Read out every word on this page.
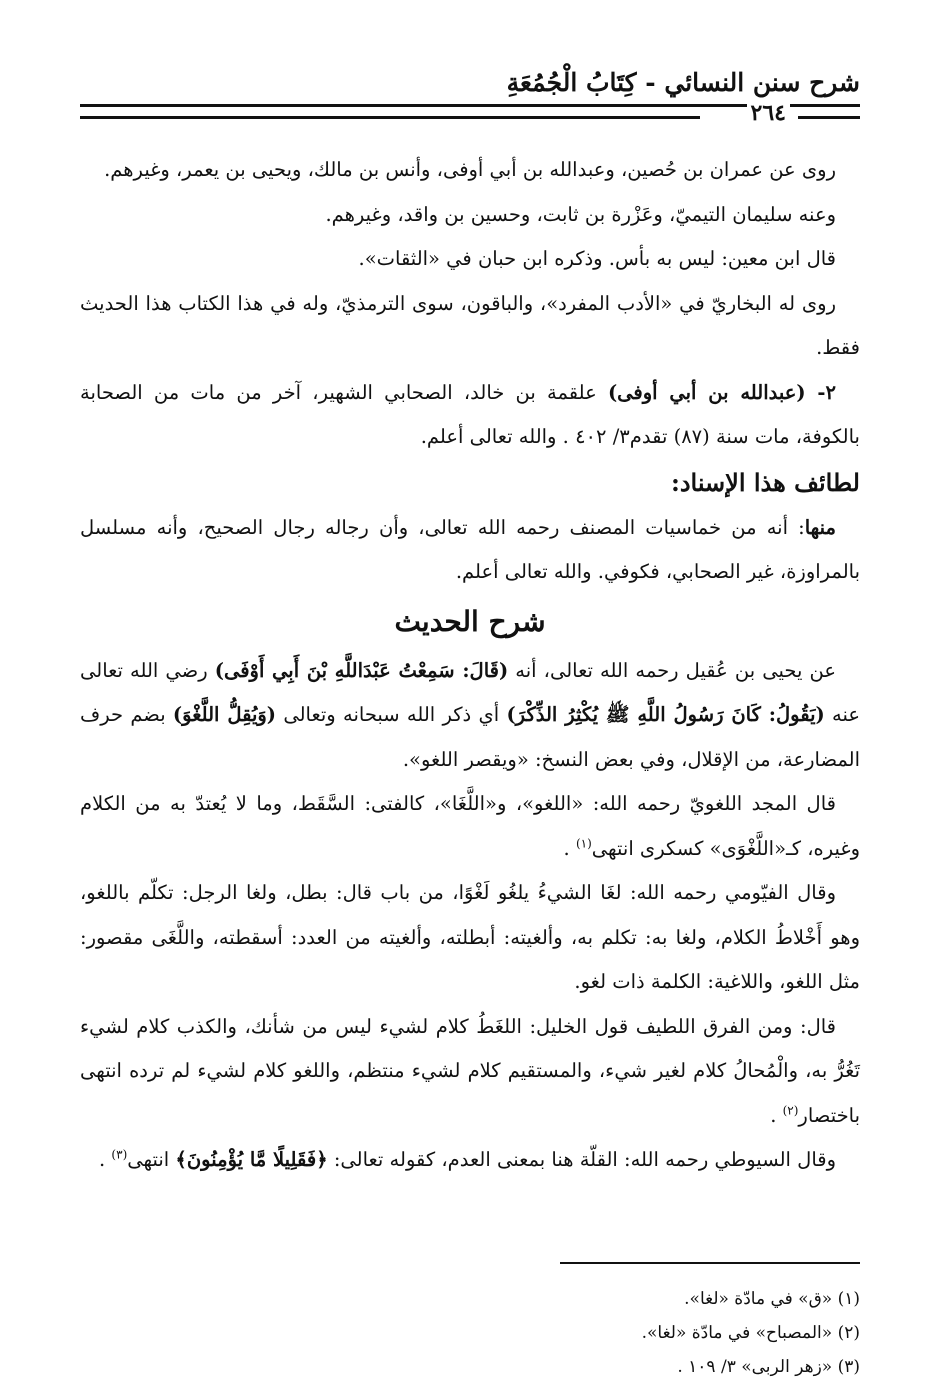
شرح سنن النسائي - كِتَابُ الْجُمُعَةِ
٢٦٤

روى عن عمران بن حُصين، وعبدالله بن أبي أوفى، وأنس بن مالك، ويحيى بن يعمر، وغيرهم.

وعنه سليمان التيميّ، وعَزْرة بن ثابت، وحسين بن واقد، وغيرهم.

قال ابن معين: ليس به بأس. وذكره ابن حبان في «الثقات».

روى له البخاريّ في «الأدب المفرد»، والباقون، سوى الترمذيّ، وله في هذا الكتاب هذا الحديث فقط.

٢- (عبدالله بن أبي أوفى) علقمة بن خالد، الصحابي الشهير، آخر من مات من الصحابة بالكوفة، مات سنة (٨٧) تقدم٣/ ٤٠٢ . والله تعالى أعلم.

لطائف هذا الإسناد:

منها: أنه من خماسيات المصنف رحمه الله تعالى، وأن رجاله رجال الصحيح، وأنه مسلسل بالمراوزة، غير الصحابي، فكوفي. والله تعالى أعلم.

شرح الحديث

عن يحيى بن عُقيل رحمه الله تعالى، أنه (قَالَ: سَمِعْتُ عَبْدَاللَّهِ بْنَ أَبِي أَوْفَى) رضي الله تعالى عنه (يَقُولُ: كَانَ رَسُولُ اللَّهِ ﷺ يُكْثِرُ الذِّكْرَ) أي ذكر الله سبحانه وتعالى (وَيُقِلُّ اللَّغْوَ) بضم حرف المضارعة، من الإقلال، وفي بعض النسخ: «ويقصر اللغو».

قال المجد اللغويّ رحمه الله: «اللغو»، و«اللَّغَا»، كالفتى: السَّقَط، وما لا يُعتدّ به من الكلام وغيره، كـ«اللَّغْوَى» كسكرى انتهى$^{(١)}$ .

وقال الفيّومي رحمه الله: لغَا الشيءُ يلغُو لَغْوًا، من باب قال: بطل، ولغا الرجل: تكلّم باللغو، وهو أَخْلاطُ الكلام، ولغا به: تكلم به، وألغيته: أبطلته، وألغيته من العدد: أسقطته، واللَّغَى مقصور: مثل اللغو، واللاغية: الكلمة ذات لغو.

قال: ومن الفرق اللطيف قول الخليل: اللغَطُ كلام لشيء ليس من شأنك، والكذب كلام لشيء تَغُرُّ به، والْمُحالُ كلام لغير شيء، والمستقيم كلام لشيء منتظم، واللغو كلام لشيء لم ترده انتهى باختصار$^{(٢)}$ .

وقال السيوطي رحمه الله: القلّة هنا بمعنى العدم، كقوله تعالى: ﴿فَقَلِيلًا مَّا يُؤْمِنُونَ﴾ انتهى$^{(٣)}$ .

(١) «ق» في مادّة «لغا».

(٢) «المصباح» في مادّة «لغا».

(٣) «زهر الربى» ٣/ ١٠٩ .
